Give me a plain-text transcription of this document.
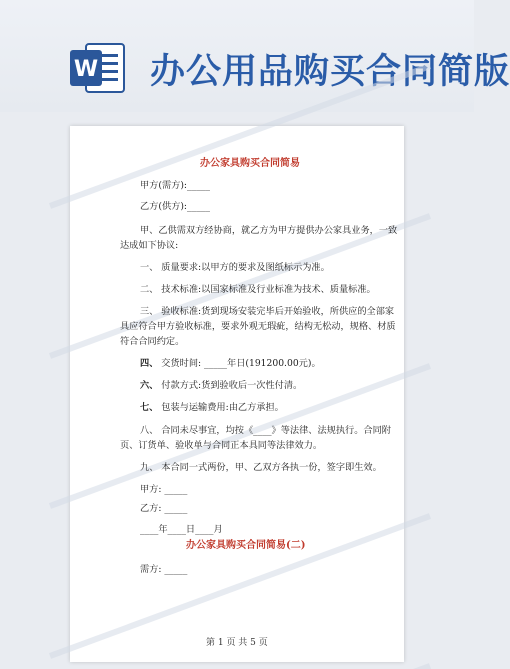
W 办公用品购买合同简版
办公家具购买合同简易
甲方(需方):_____
乙方(供方):_____
甲、乙供需双方经协商，就乙方为甲方提供办公家具业务，一致
达成如下协议:
一、 质量要求:以甲方的要求及图纸标示为准。
二、 技术标准:以国家标准及行业标准为技术、质量标准。
三、 验收标准:货到现场安装完毕后开始验收，所供应的全部家
具应符合甲方验收标准，要求外观无瑕疵，结构无松动，规格、材质
符合合同约定。
四、 交货时间: _____年日(191200.00元)。
六、 付款方式:货到验收后一次性付清。
七、 包装与运输费用:由乙方承担。
八、 合同未尽事宜，均按《____》等法律、法规执行。合同附
页、订货单、验收单与合同正本具同等法律效力。
九、 本合同一式两份，甲、乙双方各执一份，签字即生效。
甲方: _____
乙方: _____
____年____日____月
办公家具购买合同简易(二)
需方: _____
第 1 页 共 5 页
